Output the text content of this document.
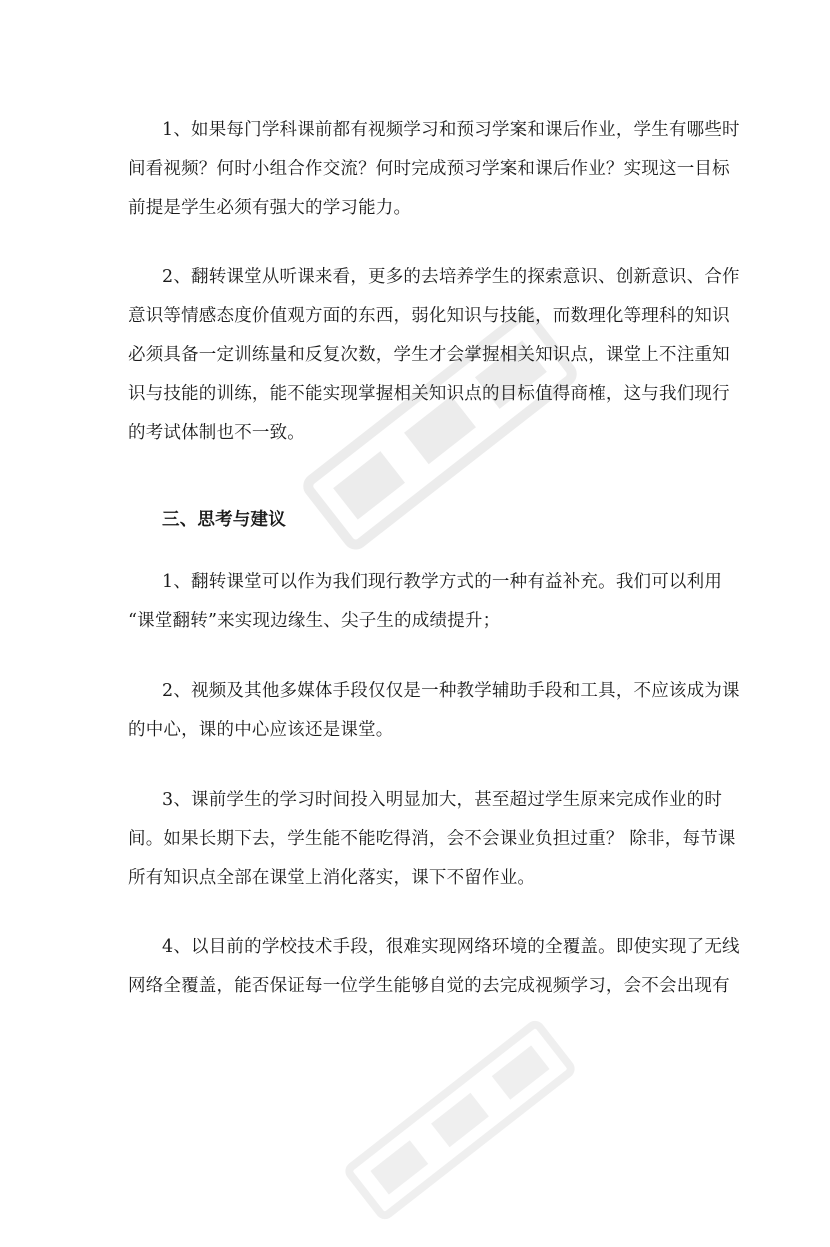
1、如果每门学科课前都有视频学习和预习学案和课后作业，学生有哪些时
间看视频？何时小组合作交流？何时完成预习学案和课后作业？实现这一目标
前提是学生必须有强大的学习能力。
2、翻转课堂从听课来看，更多的去培养学生的探索意识、创新意识、合作
意识等情感态度价值观方面的东西，弱化知识与技能，而数理化等理科的知识
必须具备一定训练量和反复次数，学生才会掌握相关知识点，课堂上不注重知
识与技能的训练，能不能实现掌握相关知识点的目标值得商榷，这与我们现行
的考试体制也不一致。
三、思考与建议
1、翻转课堂可以作为我们现行教学方式的一种有益补充。我们可以利用
“课堂翻转”来实现边缘生、尖子生的成绩提升；
2、视频及其他多媒体手段仅仅是一种教学辅助手段和工具，不应该成为课
的中心，课的中心应该还是课堂。
3、课前学生的学习时间投入明显加大，甚至超过学生原来完成作业的时
间。如果长期下去，学生能不能吃得消，会不会课业负担过重？ 除非，每节课
所有知识点全部在课堂上消化落实，课下不留作业。
4、以目前的学校技术手段，很难实现网络环境的全覆盖。即使实现了无线
网络全覆盖，能否保证每一位学生能够自觉的去完成视频学习，会不会出现有
